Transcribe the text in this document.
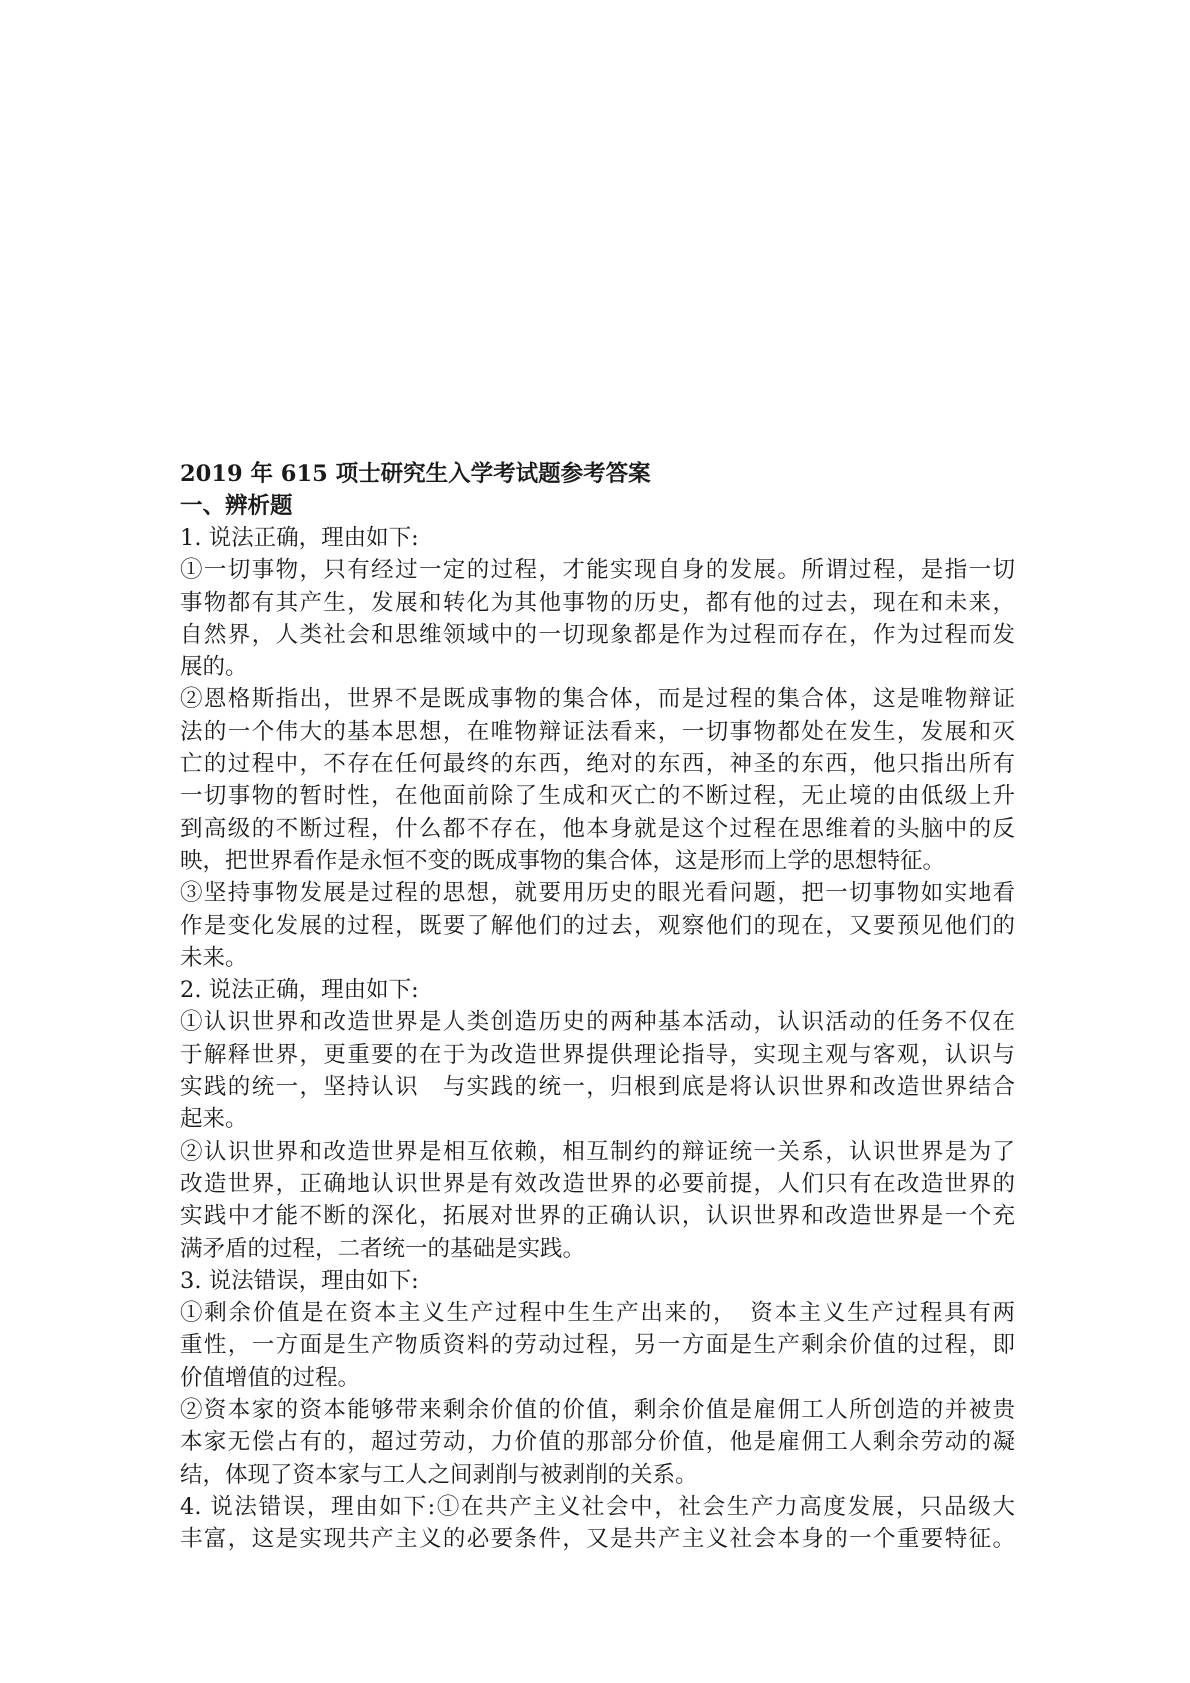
2019 年 615 项士研究生入学考试题参考答案

一、辨析题

1. 说法正确，理由如下:

①一切事物，只有经过一定的过程，才能实现自身的发展。所谓过程，是指一切

事物都有其产生，发展和转化为其他事物的历史，都有他的过去，现在和未来，

自然界，人类社会和思维领域中的一切现象都是作为过程而存在，作为过程而发

展的。

②恩格斯指出，世界不是既成事物的集合体，而是过程的集合体，这是唯物辩证

法的一个伟大的基本思想，在唯物辩证法看来，一切事物都处在发生，发展和灭

亡的过程中，不存在任何最终的东西，绝对的东西，神圣的东西，他只指出所有

一切事物的暂时性，在他面前除了生成和灭亡的不断过程，无止境的由低级上升

到高级的不断过程，什么都不存在，他本身就是这个过程在思维着的头脑中的反

映，把世界看作是永恒不变的既成事物的集合体，这是形而上学的思想特征。

③坚持事物发展是过程的思想，就要用历史的眼光看问题，把一切事物如实地看

作是变化发展的过程，既要了解他们的过去，观察他们的现在，又要预见他们的

未来。

2. 说法正确，理由如下:

①认识世界和改造世界是人类创造历史的两种基本活动，认识活动的任务不仅在

于解释世界，更重要的在于为改造世界提供理论指导，实现主观与客观，认识与

实践的统一，坚持认识　与实践的统一，归根到底是将认识世界和改造世界结合

起来。

②认识世界和改造世界是相互依赖，相互制约的辩证统一关系，认识世界是为了

改造世界，正确地认识世界是有效改造世界的必要前提，人们只有在改造世界的

实践中才能不断的深化，拓展对世界的正确认识，认识世界和改造世界是一个充

满矛盾的过程，二者统一的基础是实践。

3. 说法错误，理由如下:

①剩余价值是在资本主义生产过程中生生产出来的，　资本主义生产过程具有两

重性，一方面是生产物质资料的劳动过程，另一方面是生产剩余价值的过程，即

价值增值的过程。

②资本家的资本能够带来剩余价值的价值，剩余价值是雇佣工人所创造的并被贵

本家无偿占有的，超过劳动，力价值的那部分价值，他是雇佣工人剩余劳动的凝

结，体现了资本家与工人之间剥削与被剥削的关系。

4. 说法错误，理由如下:①在共产主义社会中，社会生产力高度发展，只品级大

丰富，这是实现共产主义的必要条件，又是共产主义社会本身的一个重要特征。
